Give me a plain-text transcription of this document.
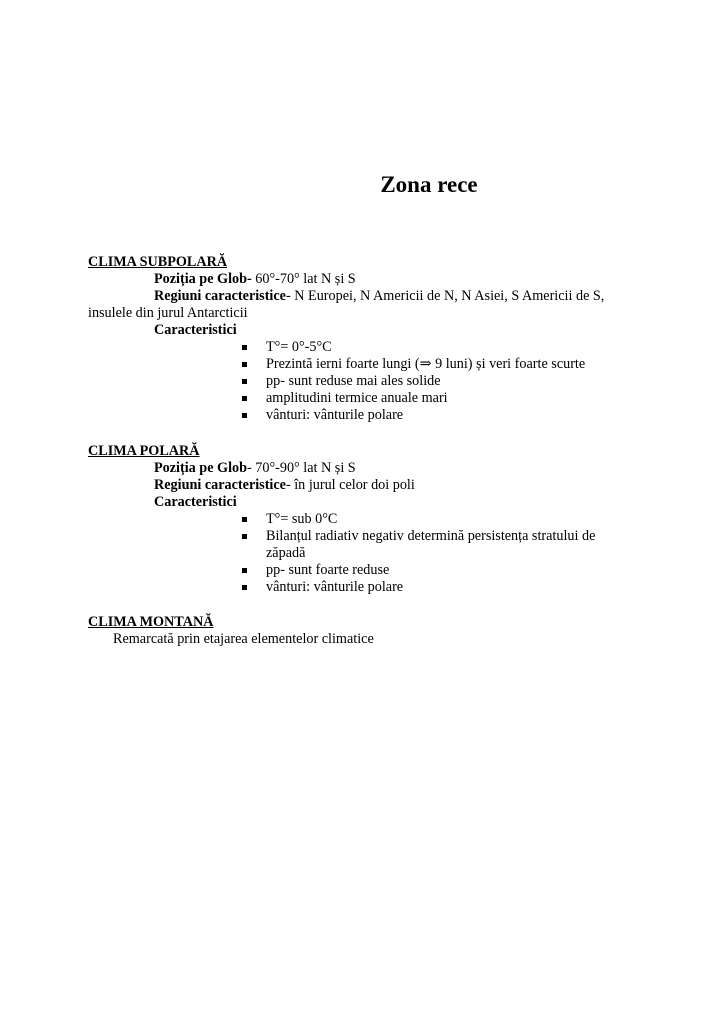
Zona rece
CLIMA SUBPOLARĂ
Poziția pe Glob- 60°-70° lat N și S
Regiuni caracteristice- N Europei, N Americii de N, N Asiei, S Americii de S,
insulele din jurul Antarcticii
Caracteristici
T°= 0°-5°C
Prezintă ierni foarte lungi (⇒ 9 luni) și veri foarte scurte
pp- sunt reduse mai ales solide
amplitudini termice anuale mari
vânturi: vânturile polare
CLIMA POLARĂ
Poziția pe Glob- 70°-90° lat N și S
Regiuni caracteristice- în jurul celor doi poli
Caracteristici
T°= sub 0°C
Bilanțul radiativ negativ determină persistența stratului de zăpadă
pp- sunt foarte reduse
vânturi: vânturile polare
CLIMA MONTANĂ
Remarcată prin etajarea elementelor climatice
